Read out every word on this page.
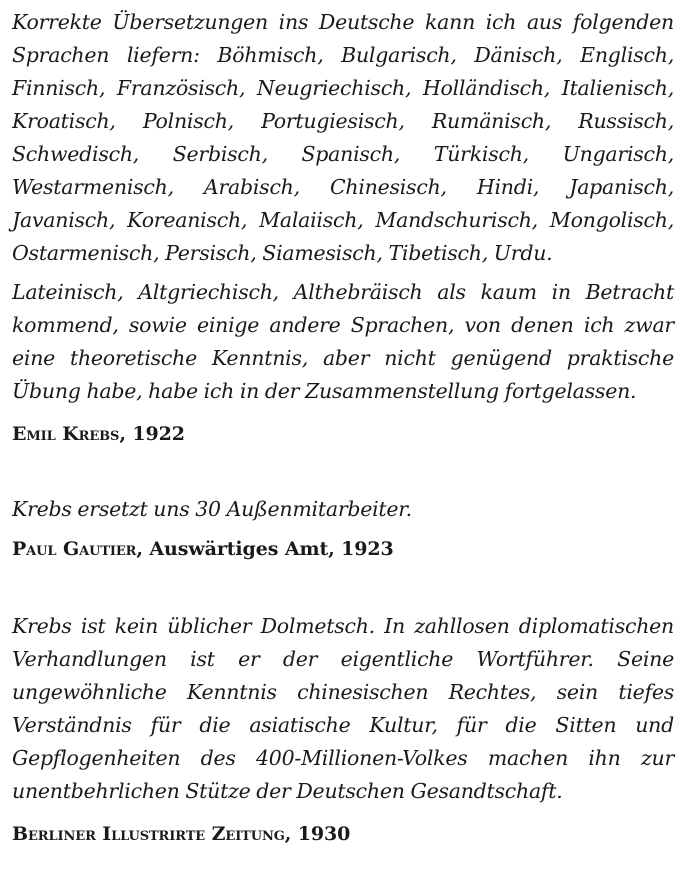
Korrekte Übersetzungen ins Deutsche kann ich aus folgenden Sprachen liefern: Böhmisch, Bulgarisch, Dänisch, Englisch, Finnisch, Französisch, Neugriechisch, Holländisch, Italienisch, Kroatisch, Polnisch, Portugiesisch, Rumänisch, Russisch, Schwedisch, Serbisch, Spanisch, Türkisch, Ungarisch, Westarmenisch, Arabisch, Chinesisch, Hindi, Japanisch, Javanisch, Koreanisch, Malaiisch, Mandschurisch, Mongolisch, Ostarmenisch, Persisch, Siamesisch, Tibetisch, Urdu.

Lateinisch, Altgriechisch, Althebräisch als kaum in Betracht kommend, sowie einige andere Sprachen, von denen ich zwar eine theoretische Kenntnis, aber nicht genügend praktische Übung habe, habe ich in der Zusammenstellung fortgelassen.

Emil Krebs, 1922

Krebs ersetzt uns 30 Außenmitarbeiter.

Paul Gautier, Auswärtiges Amt, 1923

Krebs ist kein üblicher Dolmetsch. In zahllosen diplomatischen Verhandlungen ist er der eigentliche Wortführer. Seine ungewöhnliche Kenntnis chinesischen Rechtes, sein tiefes Verständnis für die asiatische Kultur, für die Sitten und Gepflogenheiten des 400-Millionen-Volkes machen ihn zur unentbehrlichen Stütze der Deutschen Gesandtschaft.

Berliner Illustrirte Zeitung, 1930
